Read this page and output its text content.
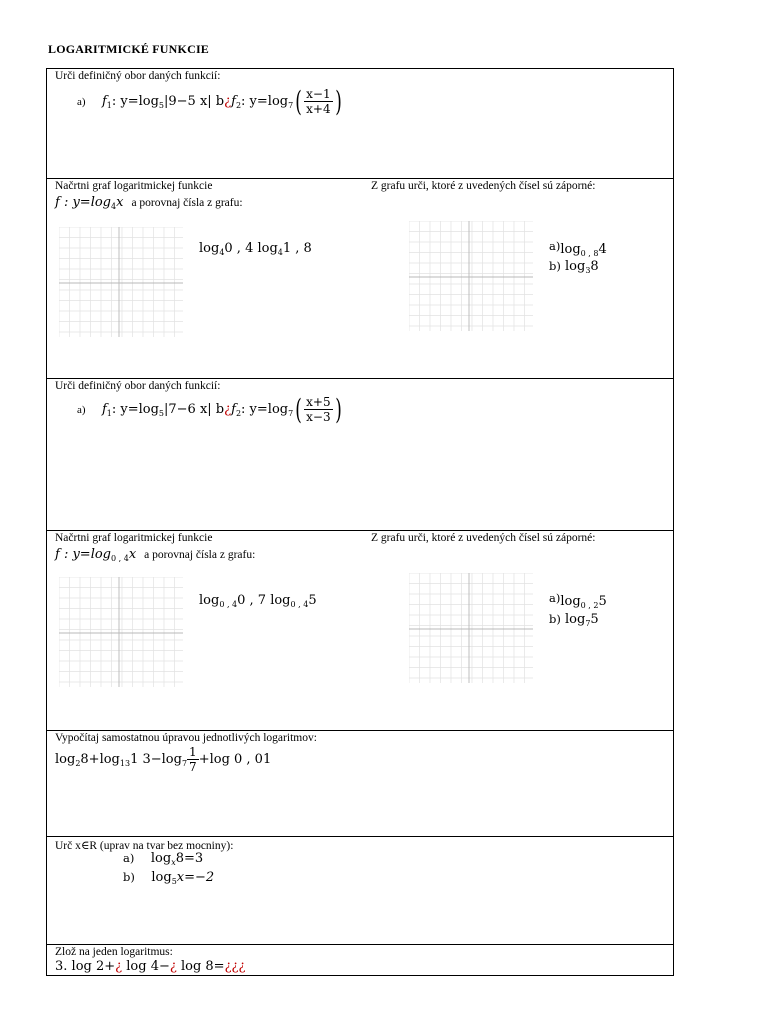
LOGARITMICKÉ FUNKCIE
Urči definičný obor daných funkcií:
a) $f_1$: $y=\log_5|9-5$ x| $b¿f_2$: $y=\log_7( \frac{x-1}{x+4}$ )
Načrtni graf logaritmickej funkcie	Z grafu urči, ktoré z uvedených čísel sú záporné:
f : $y=\log_4x$ a porovnaj čísla z grafu:
$\log_40$ , 4 $\log_41$ , 8	$a)\log_{0 , 8}4$
b) $\log_38$
Urči definičný obor daných funkcií:
a) $f_1$: $y=\log_5|7-6$ x| $b¿f_2$: $y=\log_7( \frac{x+5}{x-3}$ )
Načrtni graf logaritmickej funkcie	Z grafu urči, ktoré z uvedených čísel sú záporné:
f : $y=\log_{0 , 4}x$ a porovnaj čísla z grafu:
$\log_{0 , 4}0$ , 7 $\log_{0 , 4}5$	$a)\log_{0 , 2}5$
b) $\log_75$
Vypočítaj samostatnou úpravou jednotlivých logaritmov:
$\log_28+\log_{13}1$ $3-\log_7 \frac{1}{7} +\log$ 0 , 01
Urč x∈R (uprav na tvar bez mocniny):
a) $\log_x8=3$
b) $\log_5x=-2$
Zlož na jeden logaritmus:
3. log 2+¿ log 4−¿ log 8=¿¿¿
